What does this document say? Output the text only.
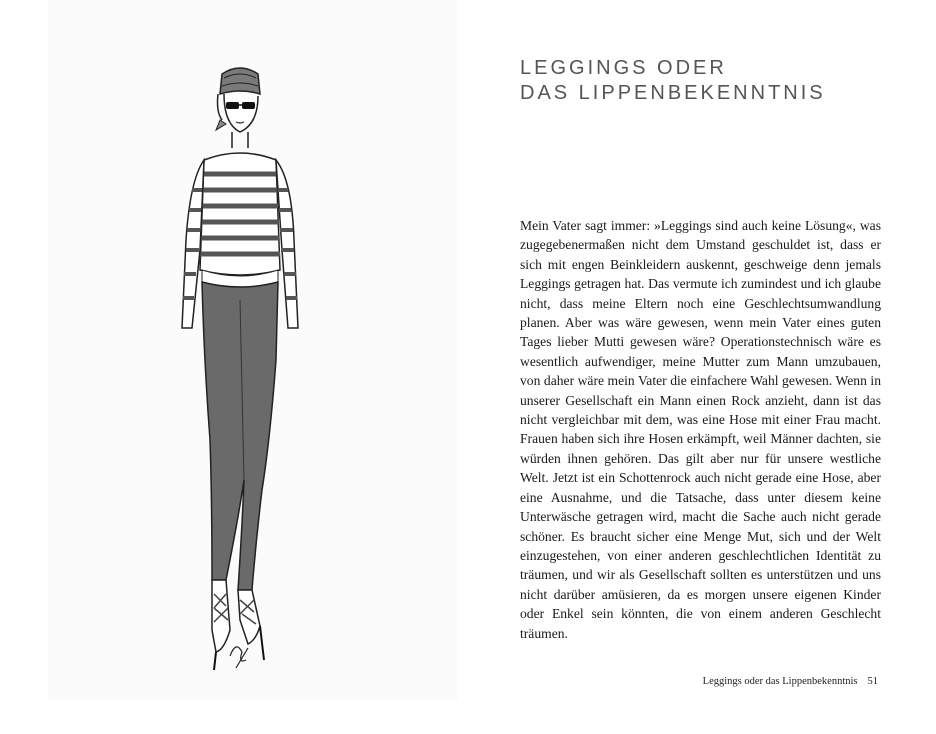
LEGGINGS ODER
DAS LIPPENBEKENNTNIS

Mein Vater sagt immer: »Leggings sind auch keine Lösung«, was zugegebenermaßen nicht dem Umstand geschuldet ist, dass er sich mit engen Beinkleidern auskennt, geschweige denn jemals Leggings getragen hat. Das vermute ich zumindest und ich glaube nicht, dass meine Eltern noch eine Geschlechtsumwandlung planen. Aber was wäre gewesen, wenn mein Vater eines guten Tages lieber Mutti gewesen wäre? Operationstechnisch wäre es wesentlich aufwendiger, meine Mutter zum Mann umzubauen, von daher wäre mein Vater die einfachere Wahl gewesen. Wenn in unserer Gesellschaft ein Mann einen Rock anzieht, dann ist das nicht vergleichbar mit dem, was eine Hose mit einer Frau macht. Frauen haben sich ihre Hosen erkämpft, weil Männer dachten, sie würden ihnen gehören. Das gilt aber nur für unsere westliche Welt. Jetzt ist ein Schottenrock auch nicht gerade eine Hose, aber eine Ausnahme, und die Tatsache, dass unter diesem keine Unterwäsche getragen wird, macht die Sache auch nicht gerade schöner. Es braucht sicher eine Menge Mut, sich und der Welt einzugestehen, von einer anderen geschlechtlichen Identität zu träumen, und wir als Gesellschaft sollten es unterstützen und uns nicht darüber amüsieren, da es morgen unsere eigenen Kinder oder Enkel sein könnten, die von einem anderen Geschlecht träumen.

Leggings oder das Lippenbekenntnis 51
